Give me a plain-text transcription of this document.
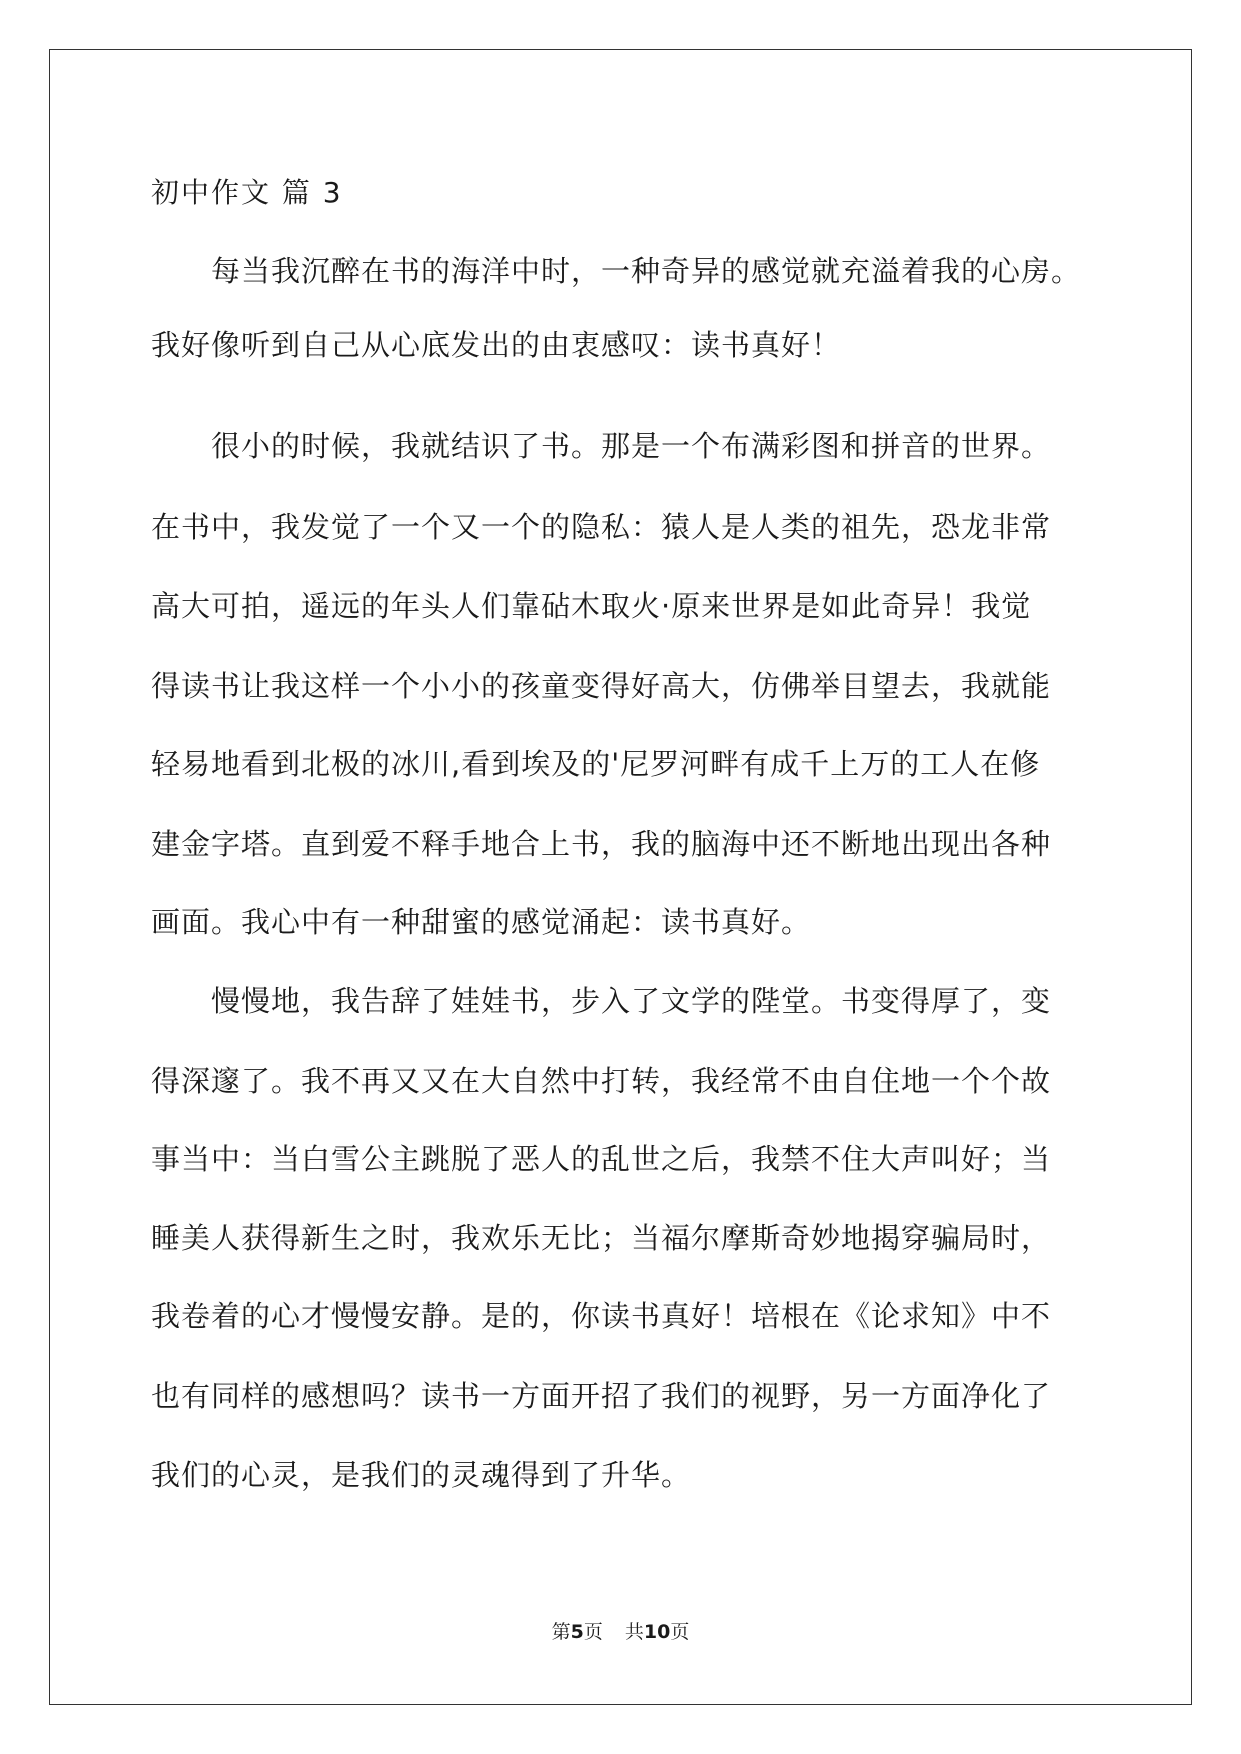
初中作文 篇 3
　　每当我沉醉在书的海洋中时，一种奇异的感觉就充溢着我的心房。
我好像听到自己从心底发出的由衷感叹：读书真好！
　　很小的时候，我就结识了书。那是一个布满彩图和拼音的世界。
在书中，我发觉了一个又一个的隐私：猿人是人类的祖先，恐龙非常
高大可拍，遥远的年头人们靠砧木取火·原来世界是如此奇异！我觉
得读书让我这样一个小小的孩童变得好高大，仿佛举目望去，我就能
轻易地看到北极的冰川,看到埃及的'尼罗河畔有成千上万的工人在修
建金字塔。直到爱不释手地合上书，我的脑海中还不断地出现出各种
画面。我心中有一种甜蜜的感觉涌起：读书真好。
　　慢慢地，我告辞了娃娃书，步入了文学的陛堂。书变得厚了，变
得深邃了。我不再又又在大自然中打转，我经常不由自住地一个个故
事当中：当白雪公主跳脱了恶人的乱世之后，我禁不住大声叫好；当
睡美人获得新生之时，我欢乐无比；当福尔摩斯奇妙地揭穿骗局时，
我卷着的心才慢慢安静。是的，你读书真好！培根在《论求知》中不
也有同样的感想吗？读书一方面开招了我们的视野，另一方面净化了
我们的心灵，是我们的灵魂得到了升华。
第5页 共10页
